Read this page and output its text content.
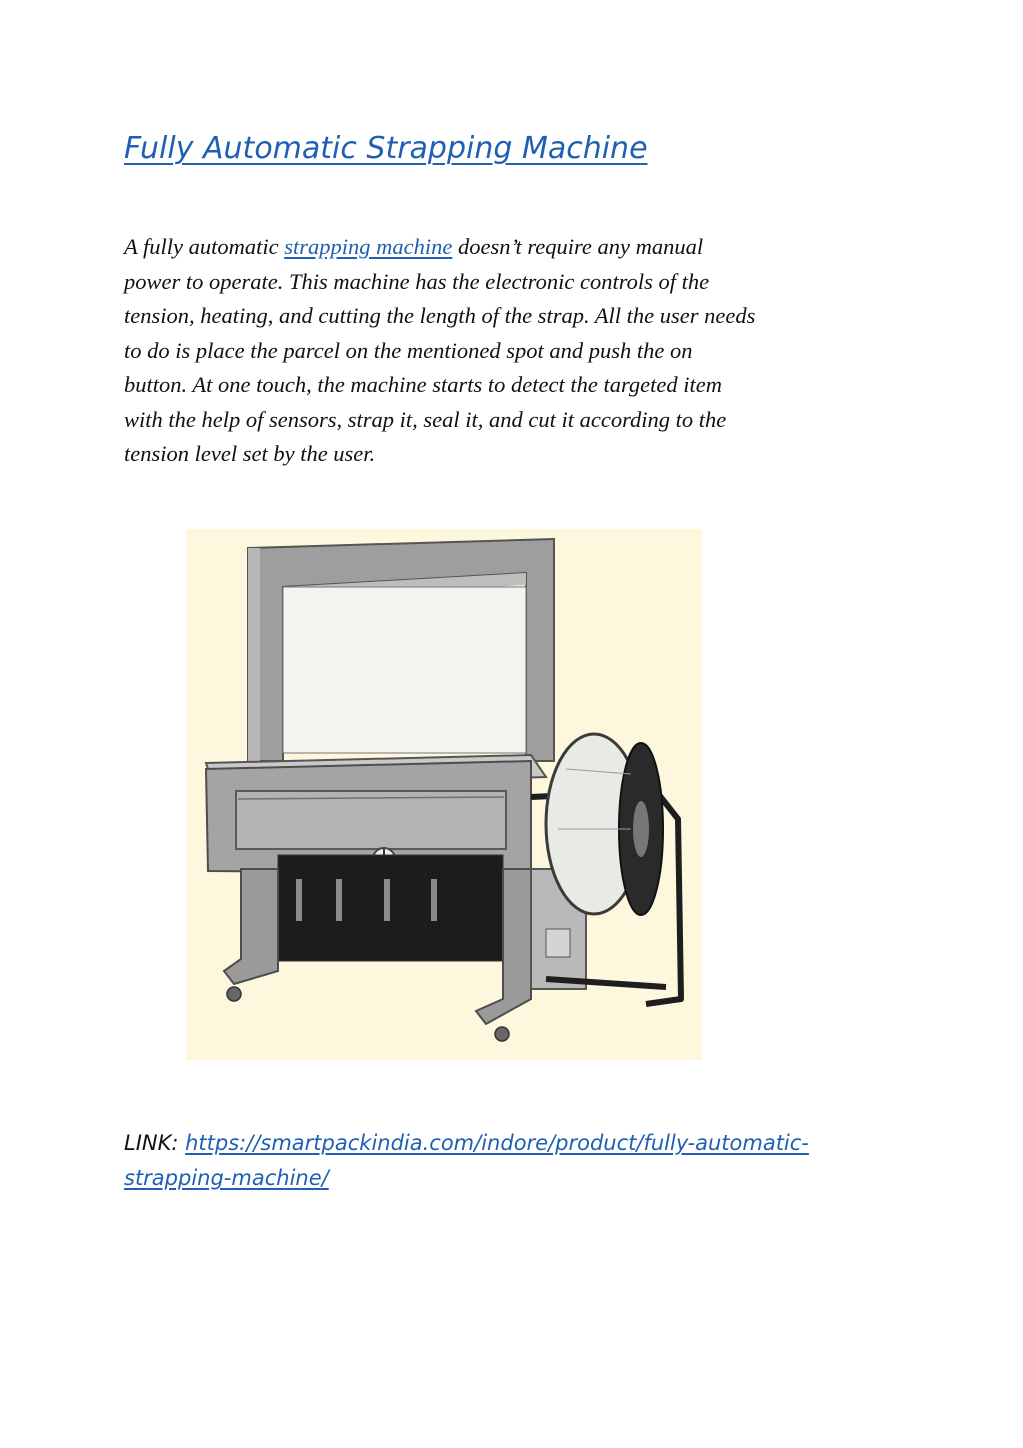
Fully Automatic Strapping Machine

A fully automatic strapping machine doesn’t require any manual
power to operate. This machine has the electronic controls of the
tension, heating, and cutting the length of the strap. All the user needs
to do is place the parcel on the mentioned spot and push the on
button. At one touch, the machine starts to detect the targeted item
with the help of sensors, strap it, seal it, and cut it according to the
tension level set by the user.

LINK: https://smartpackindia.com/indore/product/fully-automatic-
strapping-machine/
